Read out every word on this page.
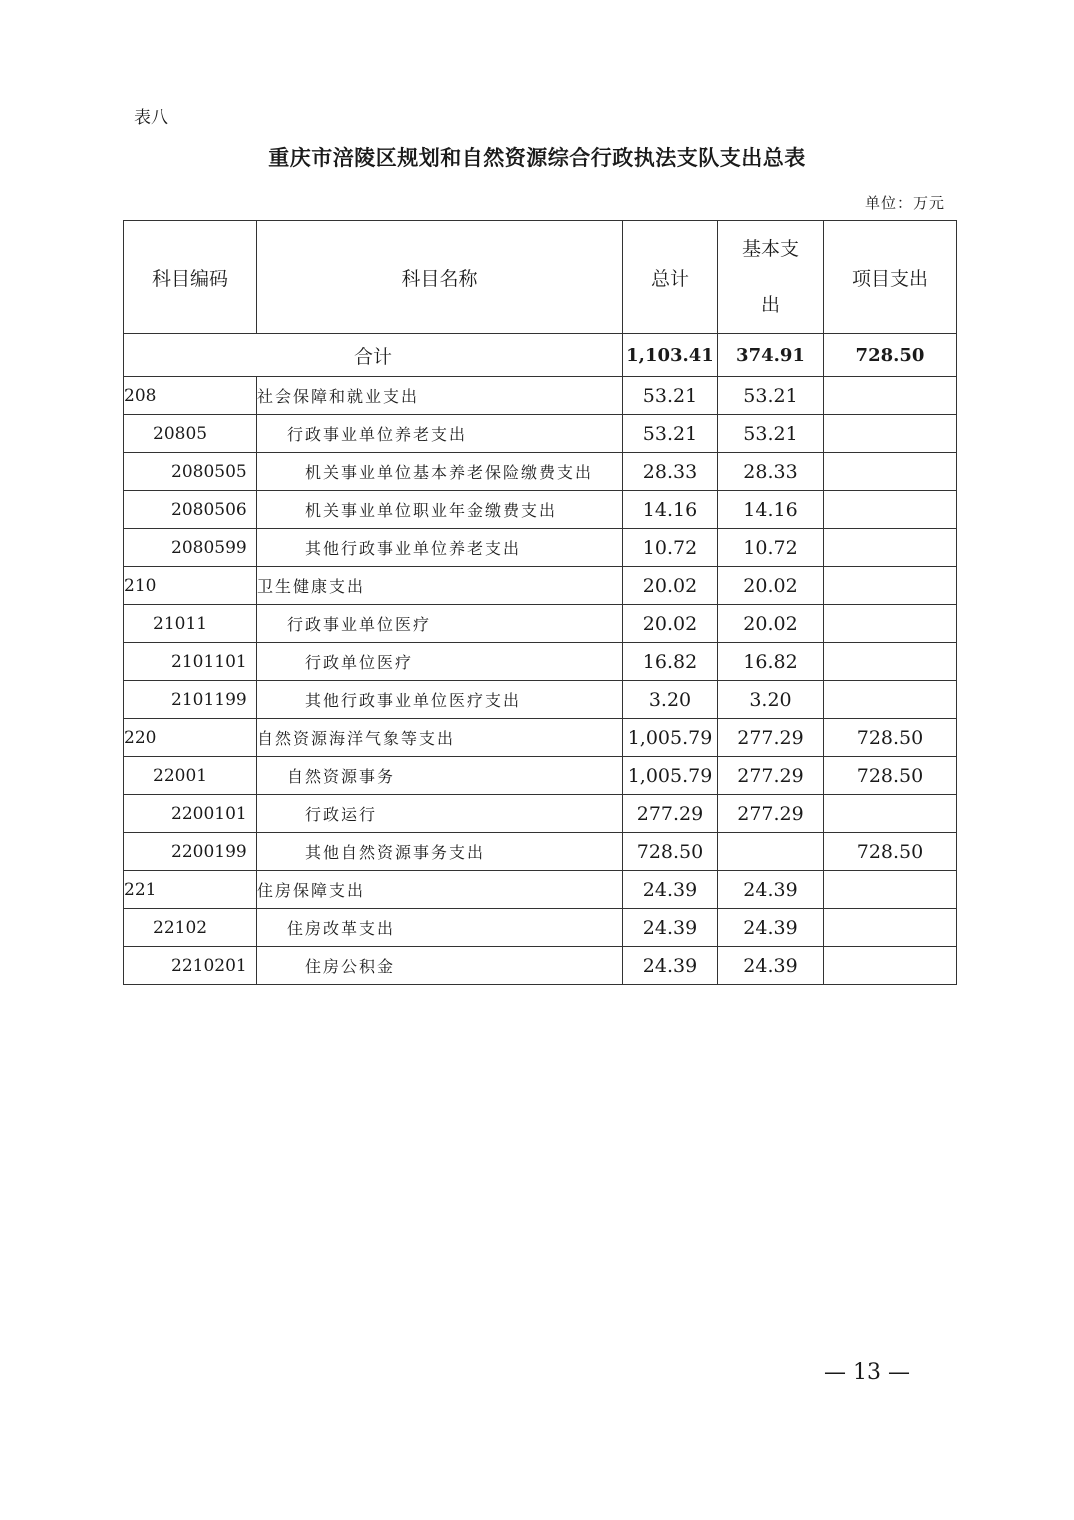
表八
重庆市涪陵区规划和自然资源综合行政执法支队支出总表
单位：万元
科目编码	科目名称	总计	基本支出	项目支出
合计		1,103.41	374.91	728.50
208	社会保障和就业支出	53.21	53.21	
20805	行政事业单位养老支出	53.21	53.21	
2080505	机关事业单位基本养老保险缴费支出	28.33	28.33	
2080506	机关事业单位职业年金缴费支出	14.16	14.16	
2080599	其他行政事业单位养老支出	10.72	10.72	
210	卫生健康支出	20.02	20.02	
21011	行政事业单位医疗	20.02	20.02	
2101101	行政单位医疗	16.82	16.82	
2101199	其他行政事业单位医疗支出	3.20	3.20	
220	自然资源海洋气象等支出	1,005.79	277.29	728.50
22001	自然资源事务	1,005.79	277.29	728.50
2200101	行政运行	277.29	277.29	
2200199	其他自然资源事务支出	728.50		728.50
221	住房保障支出	24.39	24.39	
22102	住房改革支出	24.39	24.39	
2210201	住房公积金	24.39	24.39	
— 13 —
